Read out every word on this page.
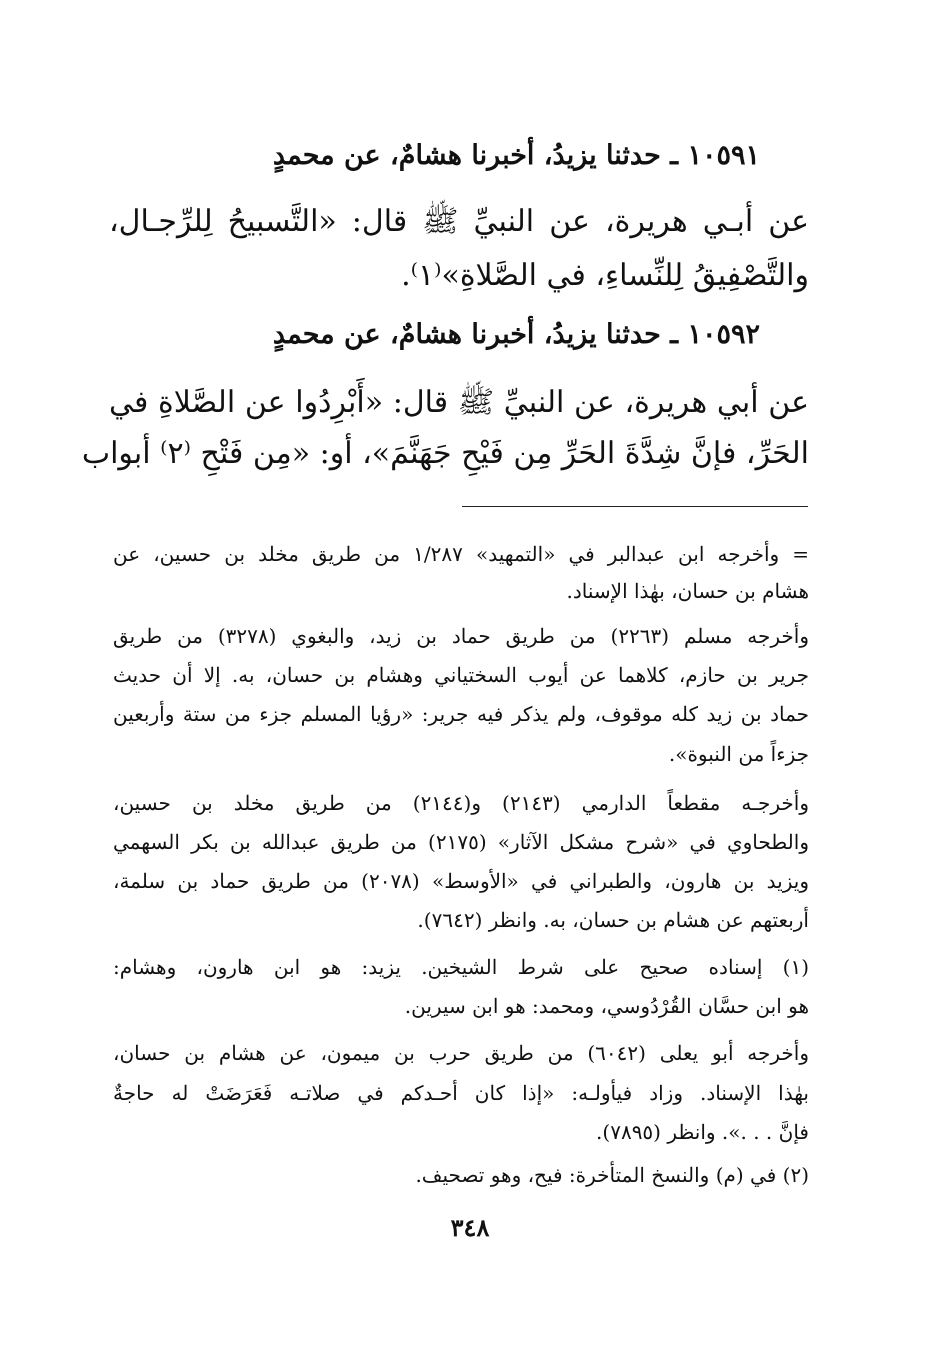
١٠٥٩١ ـ حدثنا يزيدُ، أخبرنا هشامٌ، عن محمدٍ
عن أبـي هريرة، عن النبيِّ ﷺ قال: «التَّسبيحُ لِلرِّجـال،
والتَّصْفِيقُ لِلنِّساءِ، في الصَّلاةِ»⁽١⁾.
١٠٥٩٢ ـ حدثنا يزيدُ، أخبرنا هشامٌ، عن محمدٍ
عن أبي هريرة، عن النبيِّ ﷺ قال: «أَبْرِدُوا عن الصَّلاةِ في
الحَرِّ، فإنَّ شِدَّةَ الحَرِّ مِن فَيْحِ جَهَنَّمَ»، أو: «مِن فَتْحِ ⁽٢⁾ أبواب
= وأخرجه ابن عبدالبر في «التمهيد» ١/٢٨٧ من طريق مخلد بن حسين، عن
هشام بن حسان، بهٰذا الإسناد.
وأخرجه مسلم (٢٢٦٣) من طريق حماد بن زيد، والبغوي (٣٢٧٨) من طريق
جرير بن حازم، كلاهما عن أيوب السختياني وهشام بن حسان، به. إلا أن حديث
حماد بن زيد كله موقوف، ولم يذكر فيه جرير: «رؤيا المسلم جزء من ستة وأربعين
جزءاً من النبوة».
وأخرجـه مقطعاً الدارمي (٢١٤٣) و(٢١٤٤) من طريق مخلد بن حسين،
والطحاوي في «شرح مشكل الآثار» (٢١٧٥) من طريق عبدالله بن بكر السهمي
ويزيد بن هارون، والطبراني في «الأوسط» (٢٠٧٨) من طريق حماد بن سلمة،
أربعتهم عن هشام بن حسان، به. وانظر (٧٦٤٢).
(١) إسناده صحيح على شرط الشيخين. يزيد: هو ابن هارون، وهشام:
هو ابن حسَّان القُرْدُوسي، ومحمد: هو ابن سيرين.
وأخرجه أبو يعلى (٦٠٤٢) من طريق حرب بن ميمون، عن هشام بن حسان،
بهٰذا الإسناد. وزاد فيأولـه: «إذا كان أحـدكم في صلاتـه فَعَرَضَتْ له حاجةٌ
فإنَّ . . .». وانظر (٧٨٩٥).
(٢) في (م) والنسخ المتأخرة: فيح، وهو تصحيف.
٣٤٨
